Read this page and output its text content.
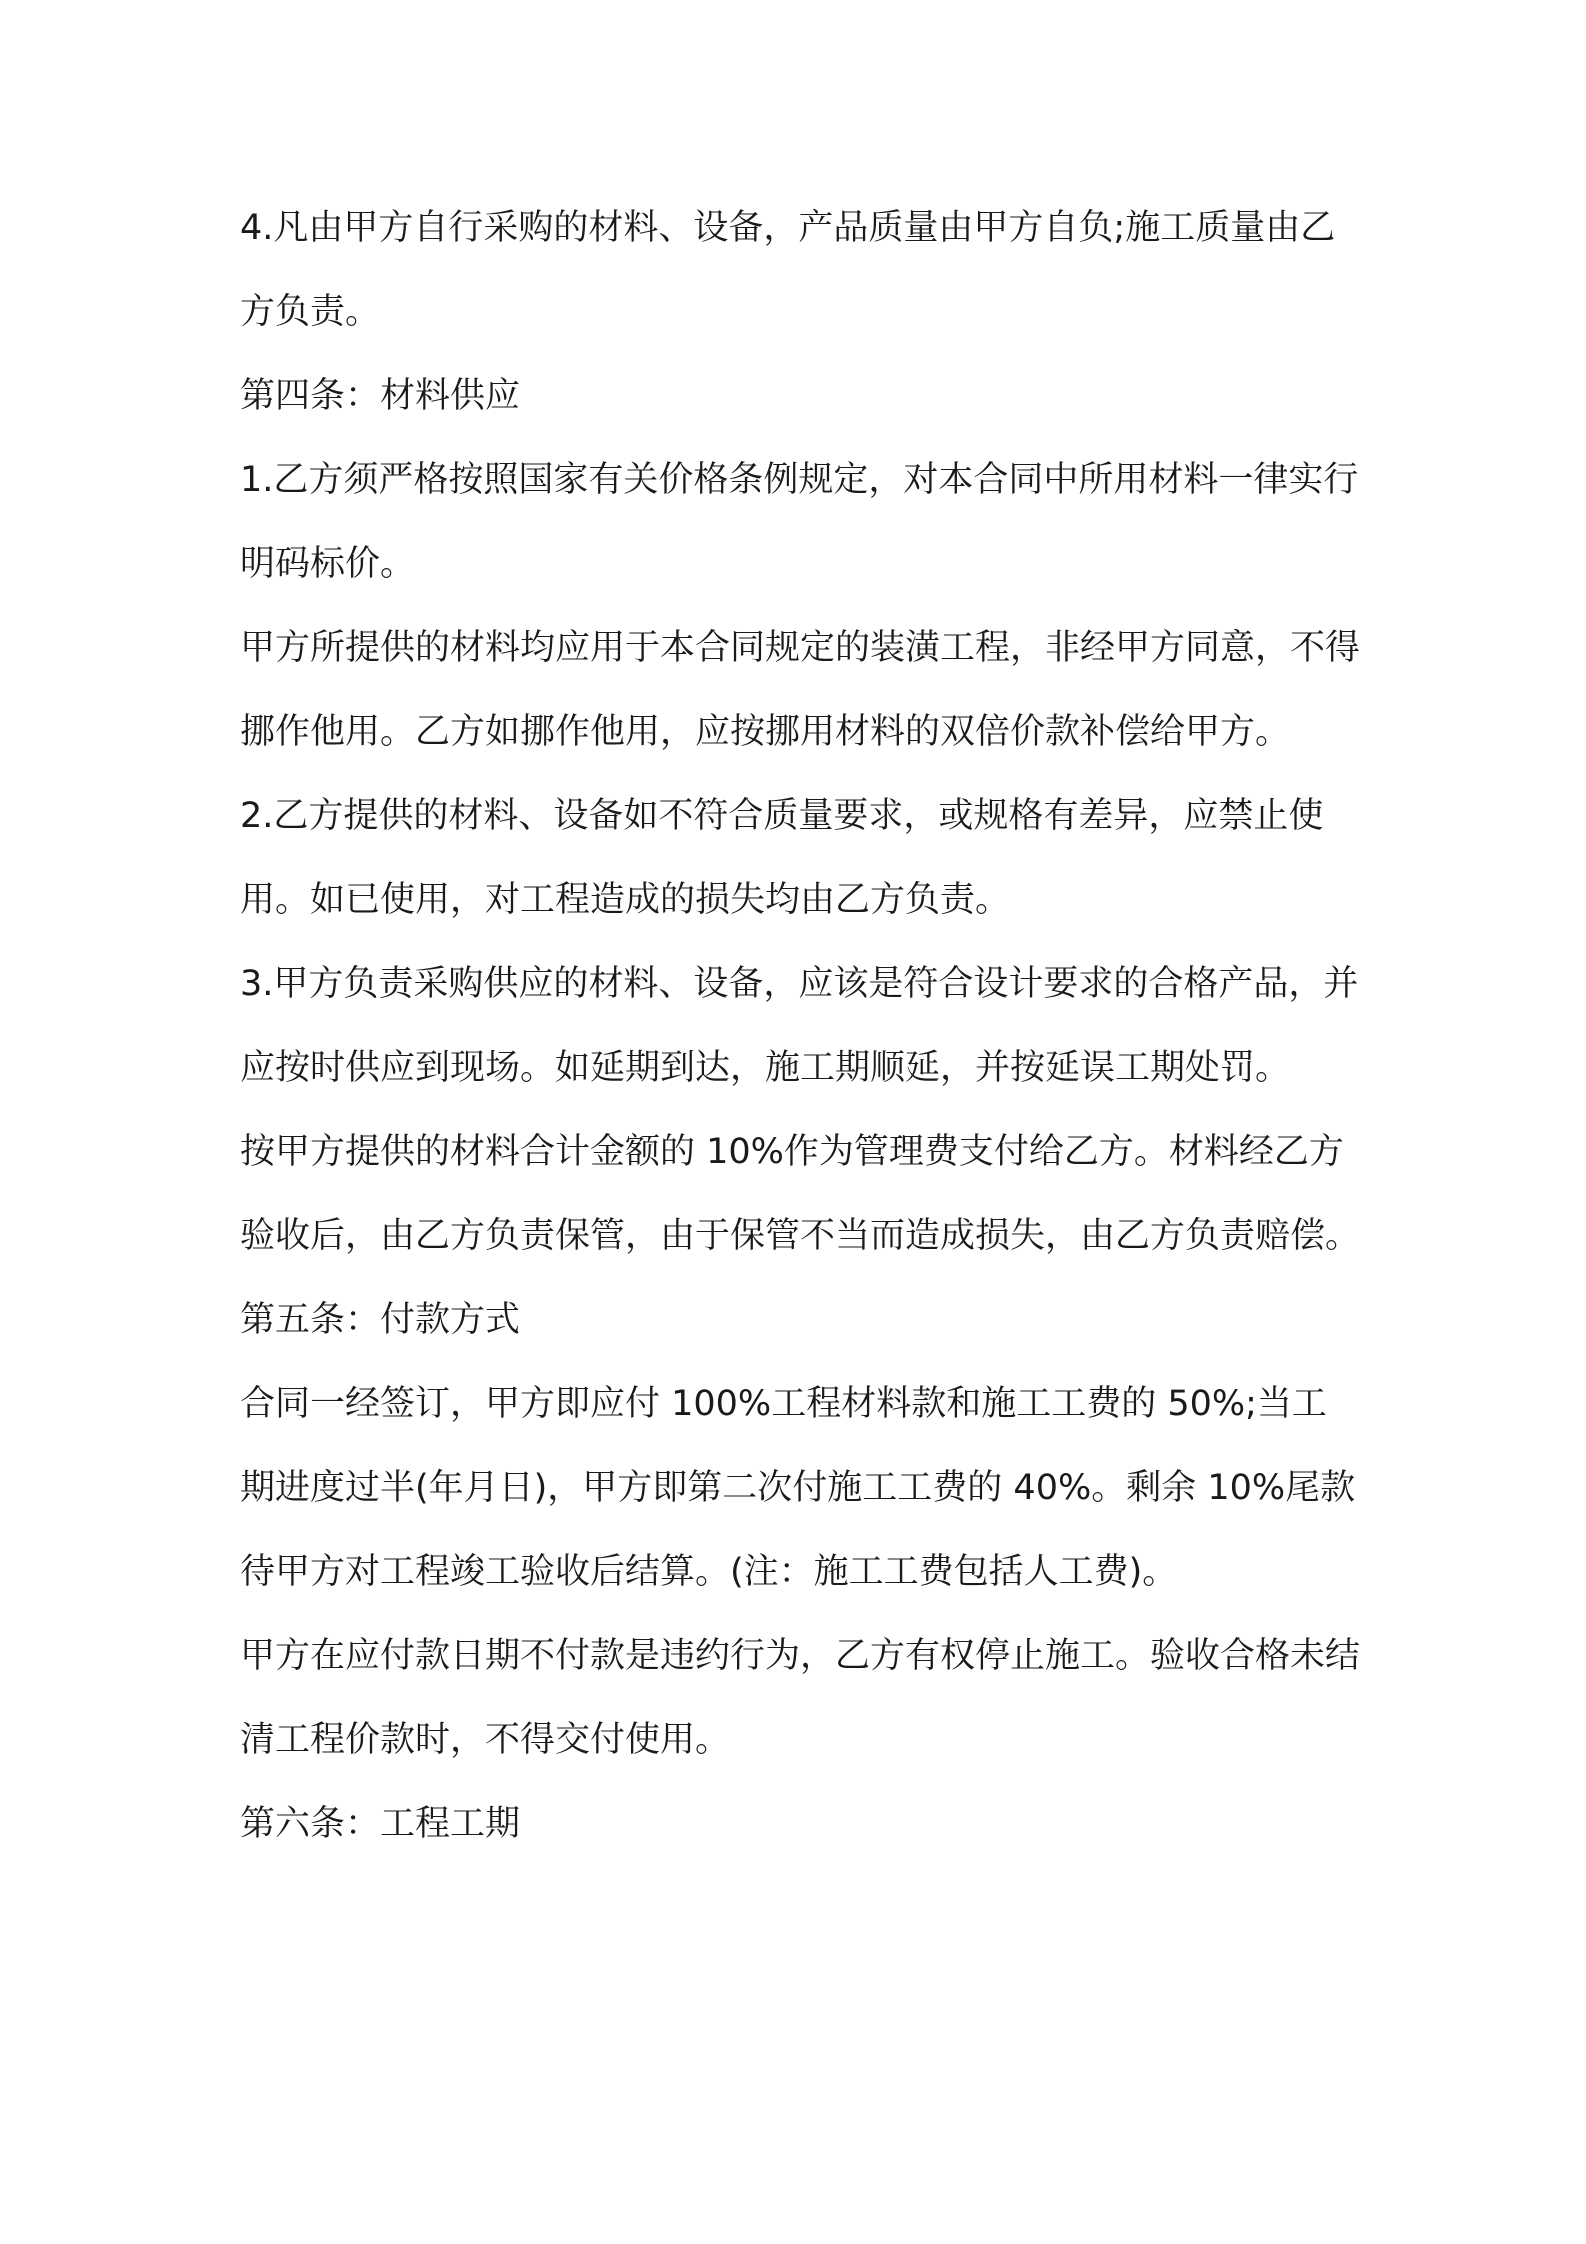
4.凡由甲方自行采购的材料、设备，产品质量由甲方自负;施工质量由乙方负责。

第四条：材料供应

1.乙方须严格按照国家有关价格条例规定，对本合同中所用材料一律实行明码标价。

甲方所提供的材料均应用于本合同规定的装潢工程，非经甲方同意，不得挪作他用。乙方如挪作他用，应按挪用材料的双倍价款补偿给甲方。

2.乙方提供的材料、设备如不符合质量要求，或规格有差异，应禁止使用。如已使用，对工程造成的损失均由乙方负责。

3.甲方负责采购供应的材料、设备，应该是符合设计要求的合格产品，并应按时供应到现场。如延期到达，施工期顺延，并按延误工期处罚。

按甲方提供的材料合计金额的 10%作为管理费支付给乙方。材料经乙方验收后，由乙方负责保管，由于保管不当而造成损失，由乙方负责赔偿。

第五条：付款方式

合同一经签订，甲方即应付 100%工程材料款和施工工费的 50%;当工期进度过半(年月日)，甲方即第二次付施工工费的 40%。剩余 10%尾款待甲方对工程竣工验收后结算。(注：施工工费包括人工费)。

甲方在应付款日期不付款是违约行为，乙方有权停止施工。验收合格未结清工程价款时，不得交付使用。

第六条：工程工期
